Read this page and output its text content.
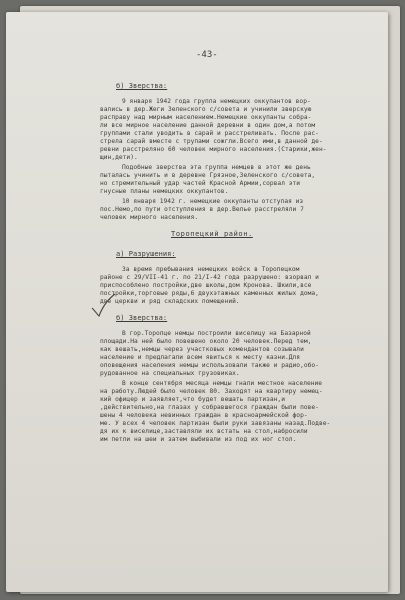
-43-
б) Зверства:
9 января 1942 года группа немецких оккупантов вор-
вались в дер.Жеги Зеленского с/совета и учинили зверскую
расправу над мирным населением.Немецкие оккупанты собра-
ли все мирное население данной деревни в один дом,а потом
группами стали уводить в сарай и расстреливать. После рас-
стрела сарай вместе с трупами сожгли.Всего ими,в данной де-
ревни расстреляно 60 человек мирного населения.(Старики,жен-
щин,дети).
Подобные зверства эта группа немцев в этот же день
пыталась учинить и в деревне Грязное,Зеленского с/совета,
но стремительный удар частей Красной Армии,сорвал эти
гнусные планы немецких оккупантов.
10 января 1942 г. немецкие оккупанты отступая из
пос.Немо,по пути отступления в дер.Велье расстреляли 7
человек мирного населения.
Торопецкий район.
а) Разрушения:
За время пребывания немецких войск в Торопецком
районе с 29/VII-41 г. по 21/I-42 года разрушено: взорвал и
приспособлено постройки,две школы,дом Кронова. Шкили,все
постройки,торговые ряды,6 двухэтажных каменных жилых дома,
две церкви и ряд складских помещений.
б) Зверства:
В гор.Торопце немцы построили виселицу на Базарной
площади.На ней было повешено около 20 человек.Перед тем,
как вешать,немцы через участковых комендантов созывали
население и предлагали всем явиться к месту казни.Для
оповещения населения немцы использовали также и радио,обо-
рудованное на специальных грузовиках.
В конце сентября месяца немцы гнали местное население
на работу.Людей было человек 80. Заходят на квартиру немец-
кий офицер и заявляет,что будет вешать партизан,и
,действительно,на глазах у собравшегося граждан были пове-
шены 4 человека невинных граждан в красноармейской фор-
ме. У всех 4 человек партизан были руки завязаны назад.Подве-
дя их к виселице,заставляли их встать на стол,набросили
им петли на шеи и затем выбивали из под их ног стол.
